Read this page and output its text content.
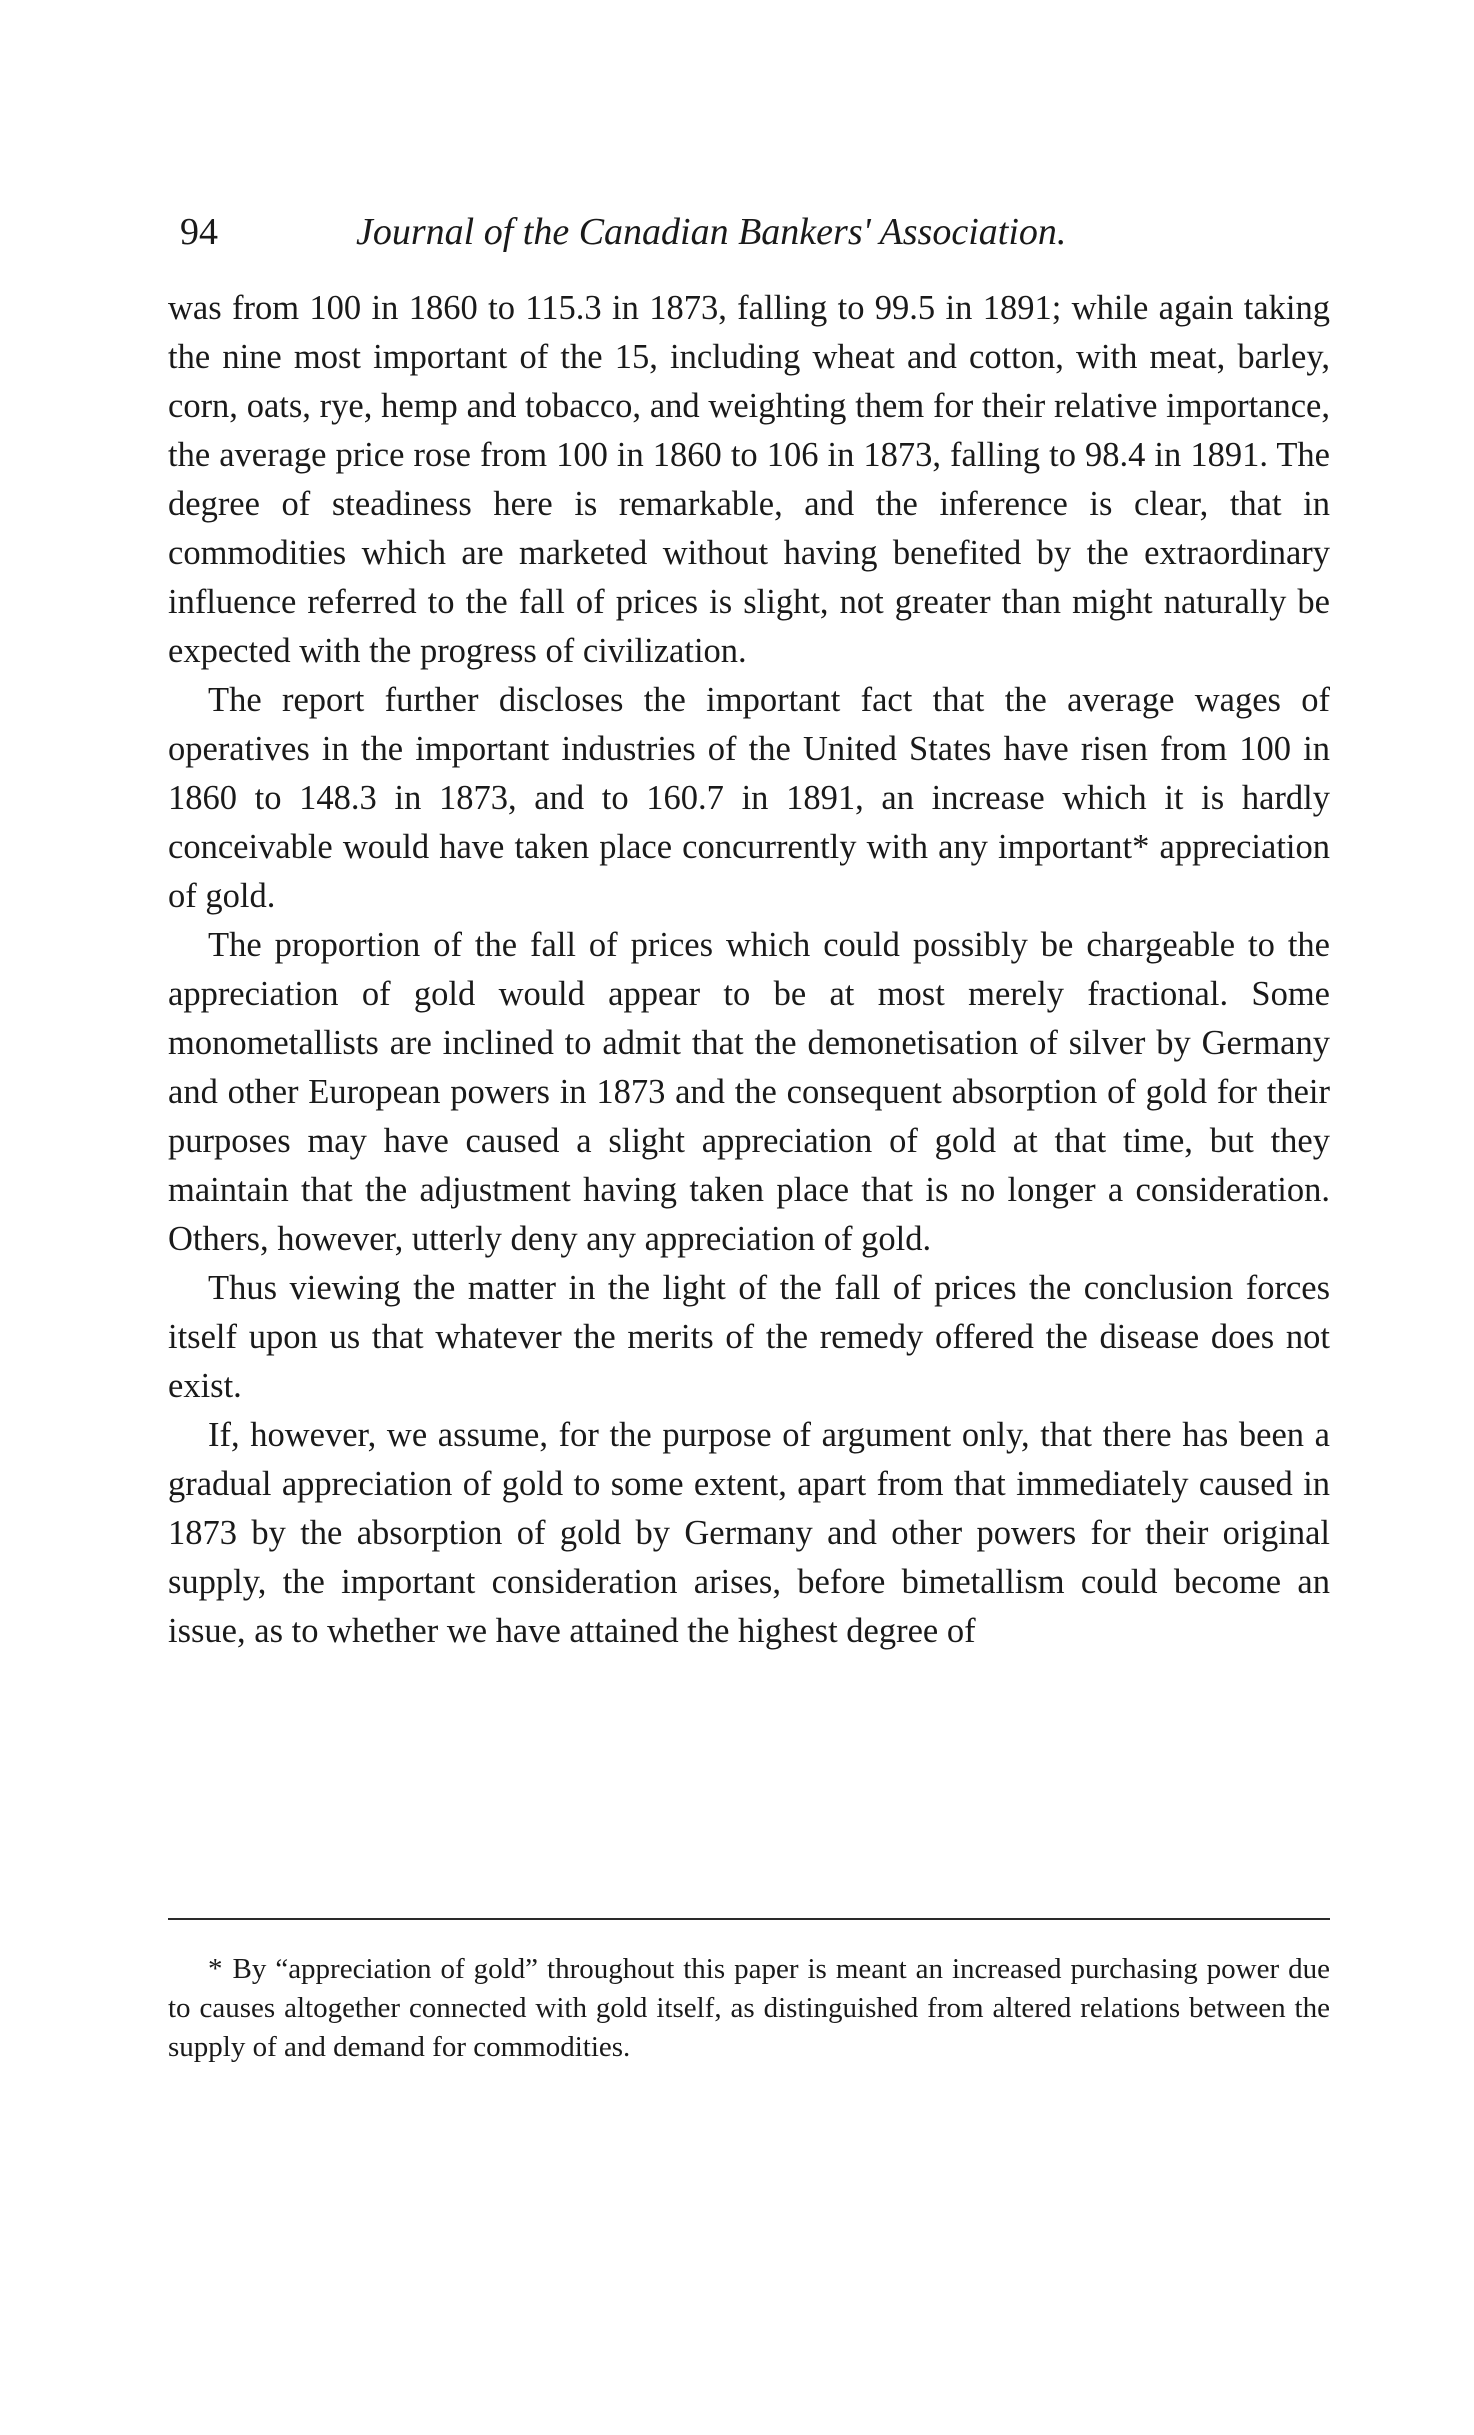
94	Journal of the Canadian Bankers' Association.

was from 100 in 1860 to 115.3 in 1873, falling to 99.5 in 1891; while again taking the nine most important of the 15, including wheat and cotton, with meat, barley, corn, oats, rye, hemp and tobacco, and weighting them for their relative importance, the average price rose from 100 in 1860 to 106 in 1873, falling to 98.4 in 1891. The degree of steadiness here is remarkable, and the inference is clear, that in commodities which are marketed without having benefited by the extraordinary influence referred to the fall of prices is slight, not greater than might naturally be expected with the progress of civilization.

The report further discloses the important fact that the average wages of operatives in the important industries of the United States have risen from 100 in 1860 to 148.3 in 1873, and to 160.7 in 1891, an increase which it is hardly conceivable would have taken place concurrently with any important* appreciation of gold.

The proportion of the fall of prices which could possibly be chargeable to the appreciation of gold would appear to be at most merely fractional. Some monometallists are inclined to admit that the demonetisation of silver by Germany and other European powers in 1873 and the consequent absorption of gold for their purposes may have caused a slight appreciation of gold at that time, but they maintain that the adjustment having taken place that is no longer a consideration. Others, however, utterly deny any appreciation of gold.

Thus viewing the matter in the light of the fall of prices the conclusion forces itself upon us that whatever the merits of the remedy offered the disease does not exist.

If, however, we assume, for the purpose of argument only, that there has been a gradual appreciation of gold to some extent, apart from that immediately caused in 1873 by the absorption of gold by Germany and other powers for their original supply, the important consideration arises, before bimetallism could become an issue, as to whether we have attained the highest degree of

* By “appreciation of gold” throughout this paper is meant an increased purchasing power due to causes altogether connected with gold itself, as distinguished from altered relations between the supply of and demand for commodities.
